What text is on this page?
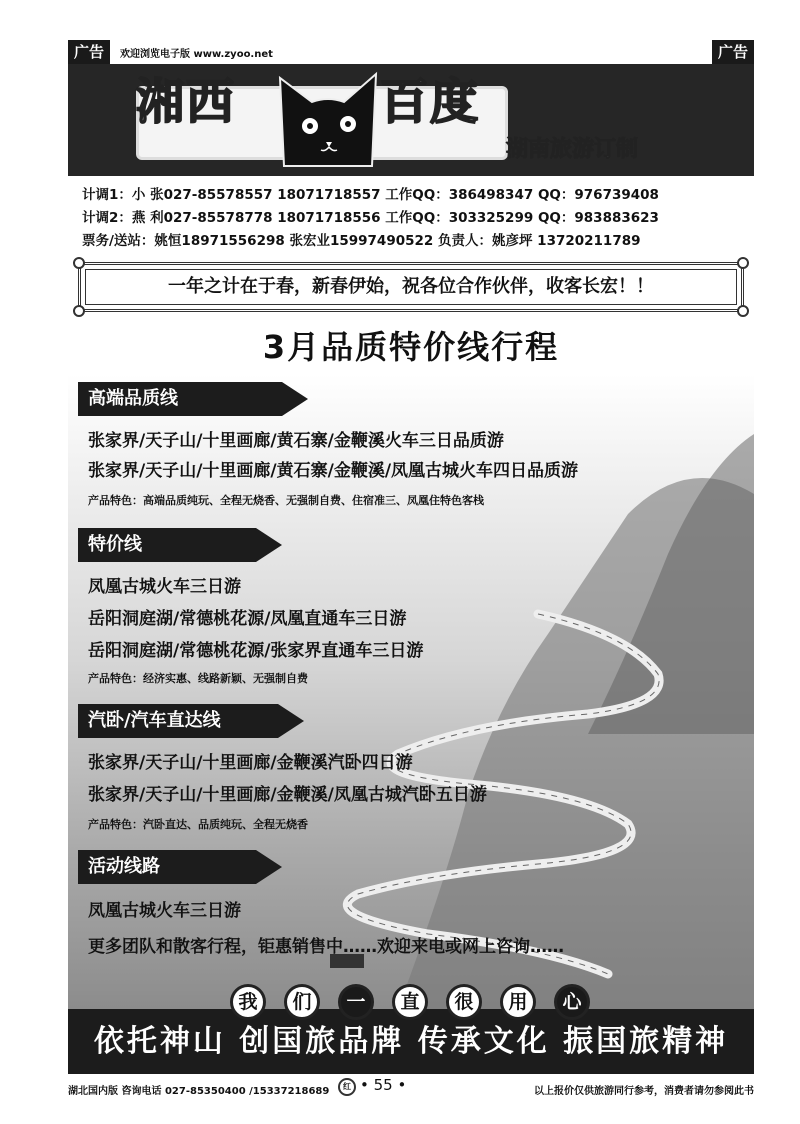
广告	欢迎浏览电子版 www.zyoo.net	广告
湘西	百度
湖南旅游订制
计调1：小 张027-85578557 18071718557 工作QQ：386498347 QQ：976739408
计调2：燕 利027-85578778 18071718556 工作QQ：303325299 QQ：983883623
票务/送站：姚恒18971556298 张宏业15997490522 负责人：姚彦坪 13720211789
一年之计在于春，新春伊始，祝各位合作伙伴，收客长宏！！
3月品质特价线行程
高端品质线
张家界/天子山/十里画廊/黄石寨/金鞭溪火车三日品质游
张家界/天子山/十里画廊/黄石寨/金鞭溪/凤凰古城火车四日品质游
产品特色：高端品质纯玩、全程无烧香、无强制自费、住宿准三、凤凰住特色客栈
特价线
凤凰古城火车三日游
岳阳洞庭湖/常德桃花源/凤凰直通车三日游
岳阳洞庭湖/常德桃花源/张家界直通车三日游
产品特色：经济实惠、线路新颖、无强制自费
汽卧/汽车直达线
张家界/天子山/十里画廊/金鞭溪汽卧四日游
张家界/天子山/十里画廊/金鞭溪/凤凰古城汽卧五日游
产品特色：汽卧直达、品质纯玩、全程无烧香
活动线路
凤凰古城火车三日游
更多团队和散客行程，钜惠销售中……欢迎来电或网上咨询……
依托神山 创国旅品牌 传承文化 振国旅精神
我	们	一	直	很	用	心
湖北国内版 咨询电话 027-85350400 /15337218689	红 • 55 •	以上报价仅供旅游同行参考，消费者请勿参阅此书
